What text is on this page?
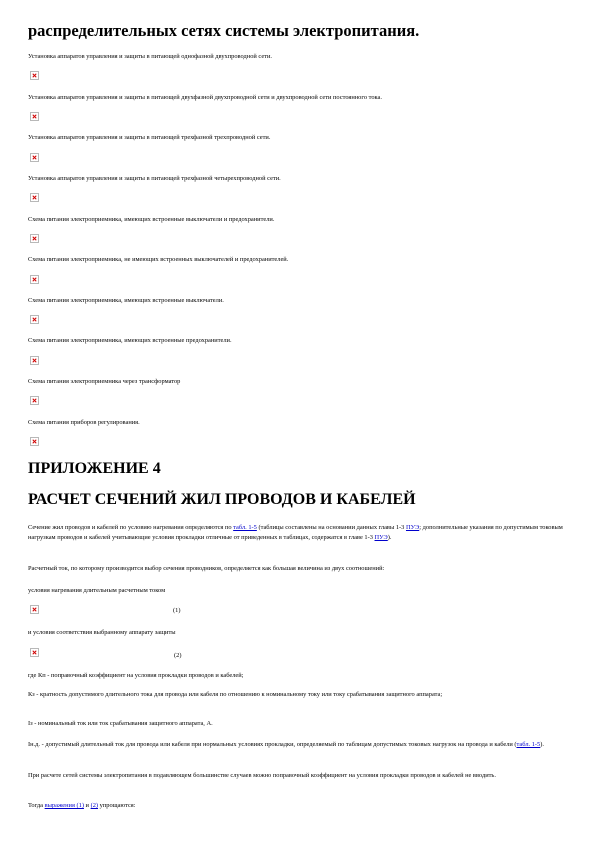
распределительных сетях системы электропитания.

Установка аппаратов управления и защиты в питающей однофазной двухпроводной сети.

Установка аппаратов управления и защиты в питающей двухфазной двухпроводной сети и двухпроводной сети постоянного тока.

Установка аппаратов управления и защиты в питающей трехфазной трехпроводной сети.

Установка аппаратов управления и защиты в питающей трехфазной четырехпроводной сети.

Схема питания электроприемника, имеющих встроенные выключатели и предохранители.

Схема питания электроприемника, не имеющих встроенных выключателей и предохранителей.

Схема питания электроприемника, имеющих встроенные выключатели.

Схема питания электроприемника, имеющих встроенные предохранители.

Схема питания электроприемника через трансформатор

Схема питания приборов регулирования.

ПРИЛОЖЕНИЕ 4
РАСЧЕТ СЕЧЕНИЙ ЖИЛ ПРОВОДОВ И КАБЕЛЕЙ

Сечение жил проводов и кабелей по условию нагревания определяются по табл. 1-5 (таблицы составлены на основании данных главы 1-3 ПУЭ; дополнительные указания по допустимым токовым нагрузкам проводов и кабелей учитывающие условия прокладки отличные от приведенных в таблицах, содержатся в главе 1-3 ПУЭ).

Расчетный ток, по которому производится выбор сечения проводников, определяется как большая величина из двух соотношений:

условия нагревания длительным расчетным током

(1)

и условия соответствия выбранному аппарату защиты

(2)

где Кп - поправочный коэффициент на условия прокладки проводов и кабелей;

Кз - кратность допустимого длительного тока для провода или кабеля по отношению к номинальному току или току срабатывания защитного аппарата;

Iз - номинальный ток или ток срабатывания защитного аппарата, А.

Iн.д. - допустимый длительный ток для провода или кабеля при нормальных условиях прокладки, определяемый по таблицам допустимых токовых нагрузок на провода и кабели (табл. 1-5).

При расчете сетей системы электропитания в подавляющем большинстве случаев можно поправочный коэффициент на условия прокладки проводов и кабелей не вводить.

Тогда выражения (1) и (2) упрощаются:
